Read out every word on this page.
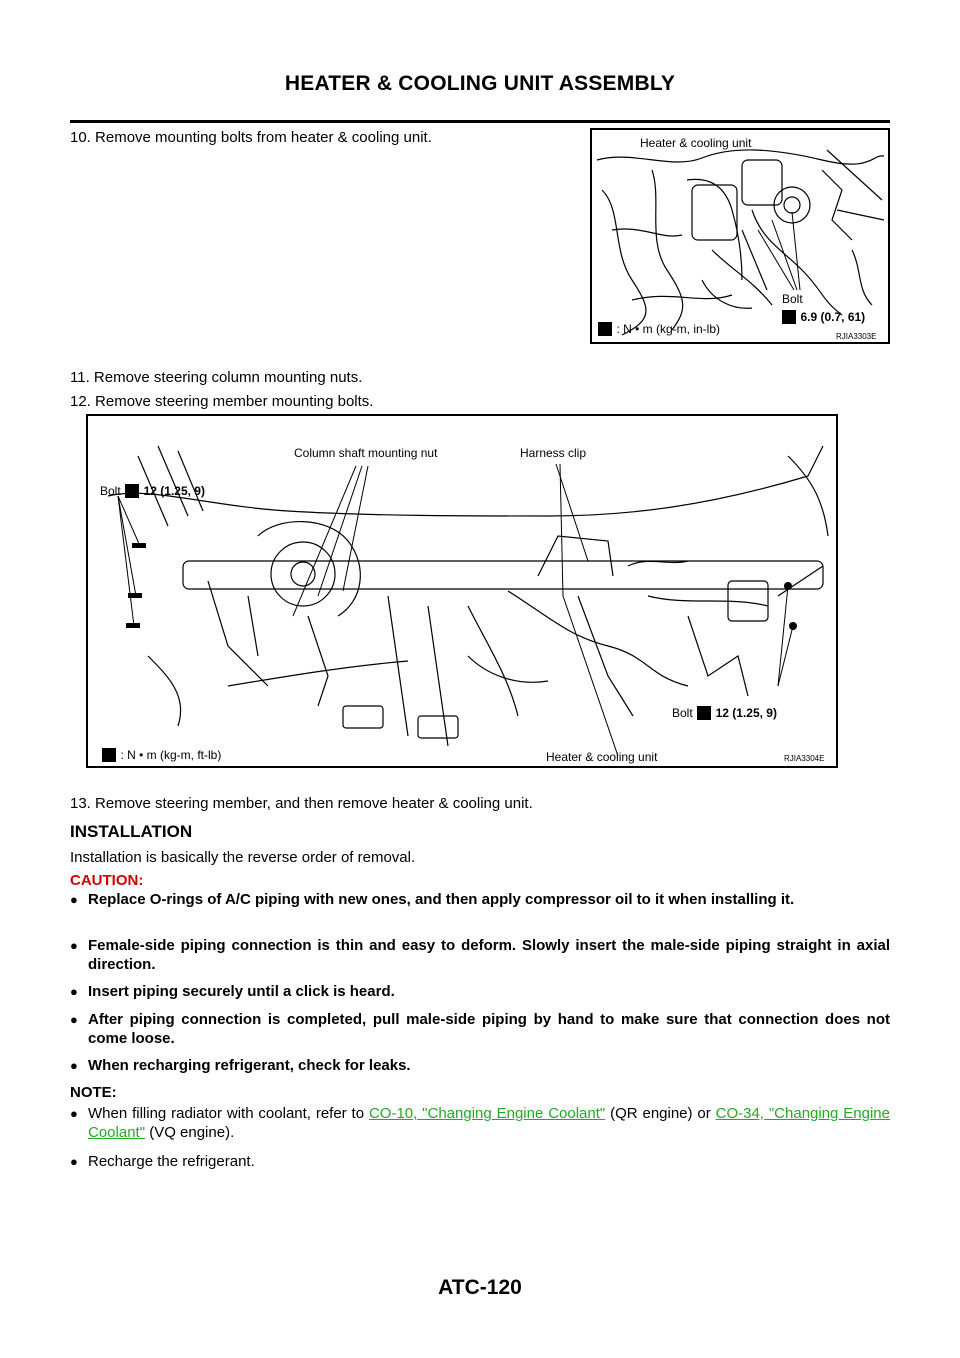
HEATER & COOLING UNIT ASSEMBLY
10. Remove mounting bolts from heater & cooling unit.	Heater & cooling unit
Bolt
6.9 (0.7, 61)
: N • m (kg-m, in-lb)
RJIA3303E
11. Remove steering column mounting nuts.
12. Remove steering member mounting bolts.
Column shaft mounting nut	Harness clip
Bolt 12 (1.25, 9)
Bolt 12 (1.25, 9)
: N • m (kg-m, ft-lb)	Heater & cooling unit	RJIA3304E
13. Remove steering member, and then remove heater & cooling unit.
INSTALLATION
Installation is basically the reverse order of removal.
CAUTION:
● Replace O-rings of A/C piping with new ones, and then apply compressor oil to it when installing it.
● Female-side piping connection is thin and easy to deform. Slowly insert the male-side piping straight in axial direction.
● Insert piping securely until a click is heard.
● After piping connection is completed, pull male-side piping by hand to make sure that connection does not come loose.
● When recharging refrigerant, check for leaks.
NOTE:
● When filling radiator with coolant, refer to CO-10, "Changing Engine Coolant" (QR engine) or CO-34, "Changing Engine Coolant" (VQ engine).
● Recharge the refrigerant.
ATC-120
